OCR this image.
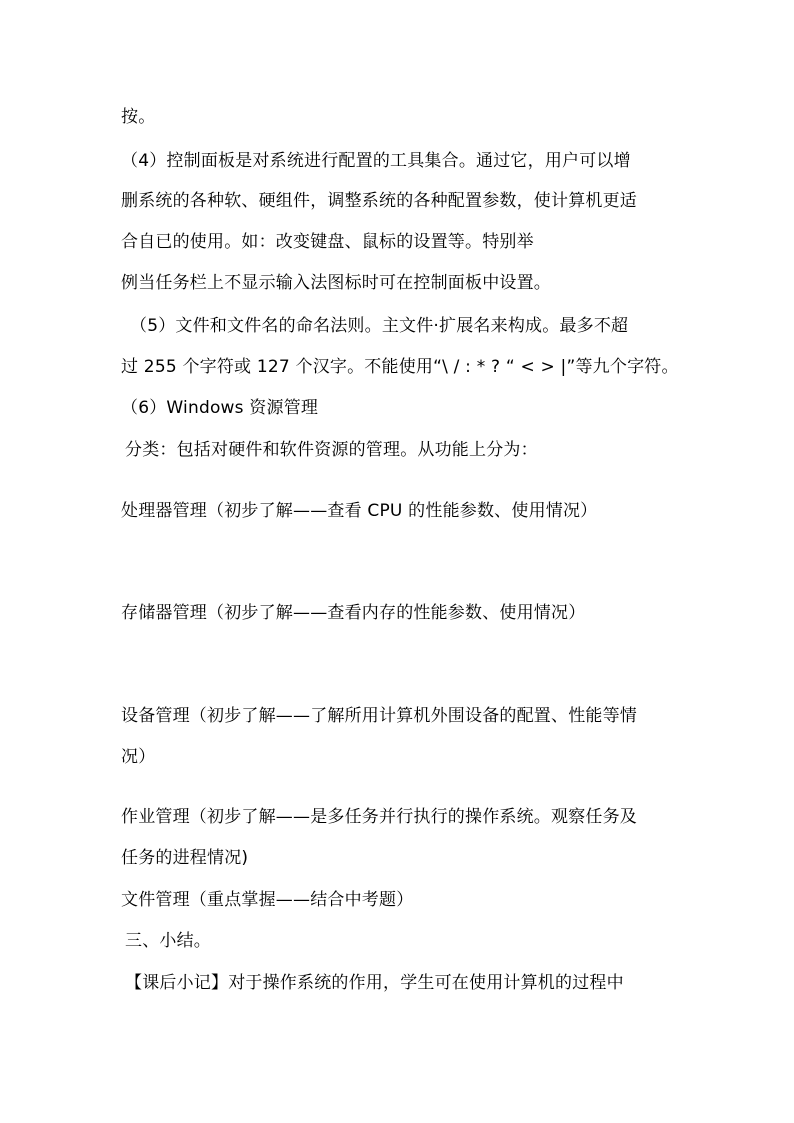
按。
（4）控制面板是对系统进行配置的工具集合。通过它，用户可以增
删系统的各种软、硬组件，调整系统的各种配置参数，使计算机更适
合自已的使用。如：改变键盘、鼠标的设置等。特别举
例当任务栏上不显示输入法图标时可在控制面板中设置。
（5）文件和文件名的命名法则。主文件·扩展名来构成。最多不超
过 255 个字符或 127 个汉字。不能使用“\ / : * ? “ < > |”等九个字符。
（6）Windows 资源管理
分类：包括对硬件和软件资源的管理。从功能上分为：
处理器管理（初步了解——查看 CPU 的性能参数、使用情况）
存储器管理（初步了解——查看内存的性能参数、使用情况）
设备管理（初步了解——了解所用计算机外围设备的配置、性能等情
况）
作业管理（初步了解——是多任务并行执行的操作系统。观察任务及
任务的进程情况)
文件管理（重点掌握——结合中考题）
三、小结。
【课后小记】对于操作系统的作用，学生可在使用计算机的过程中
